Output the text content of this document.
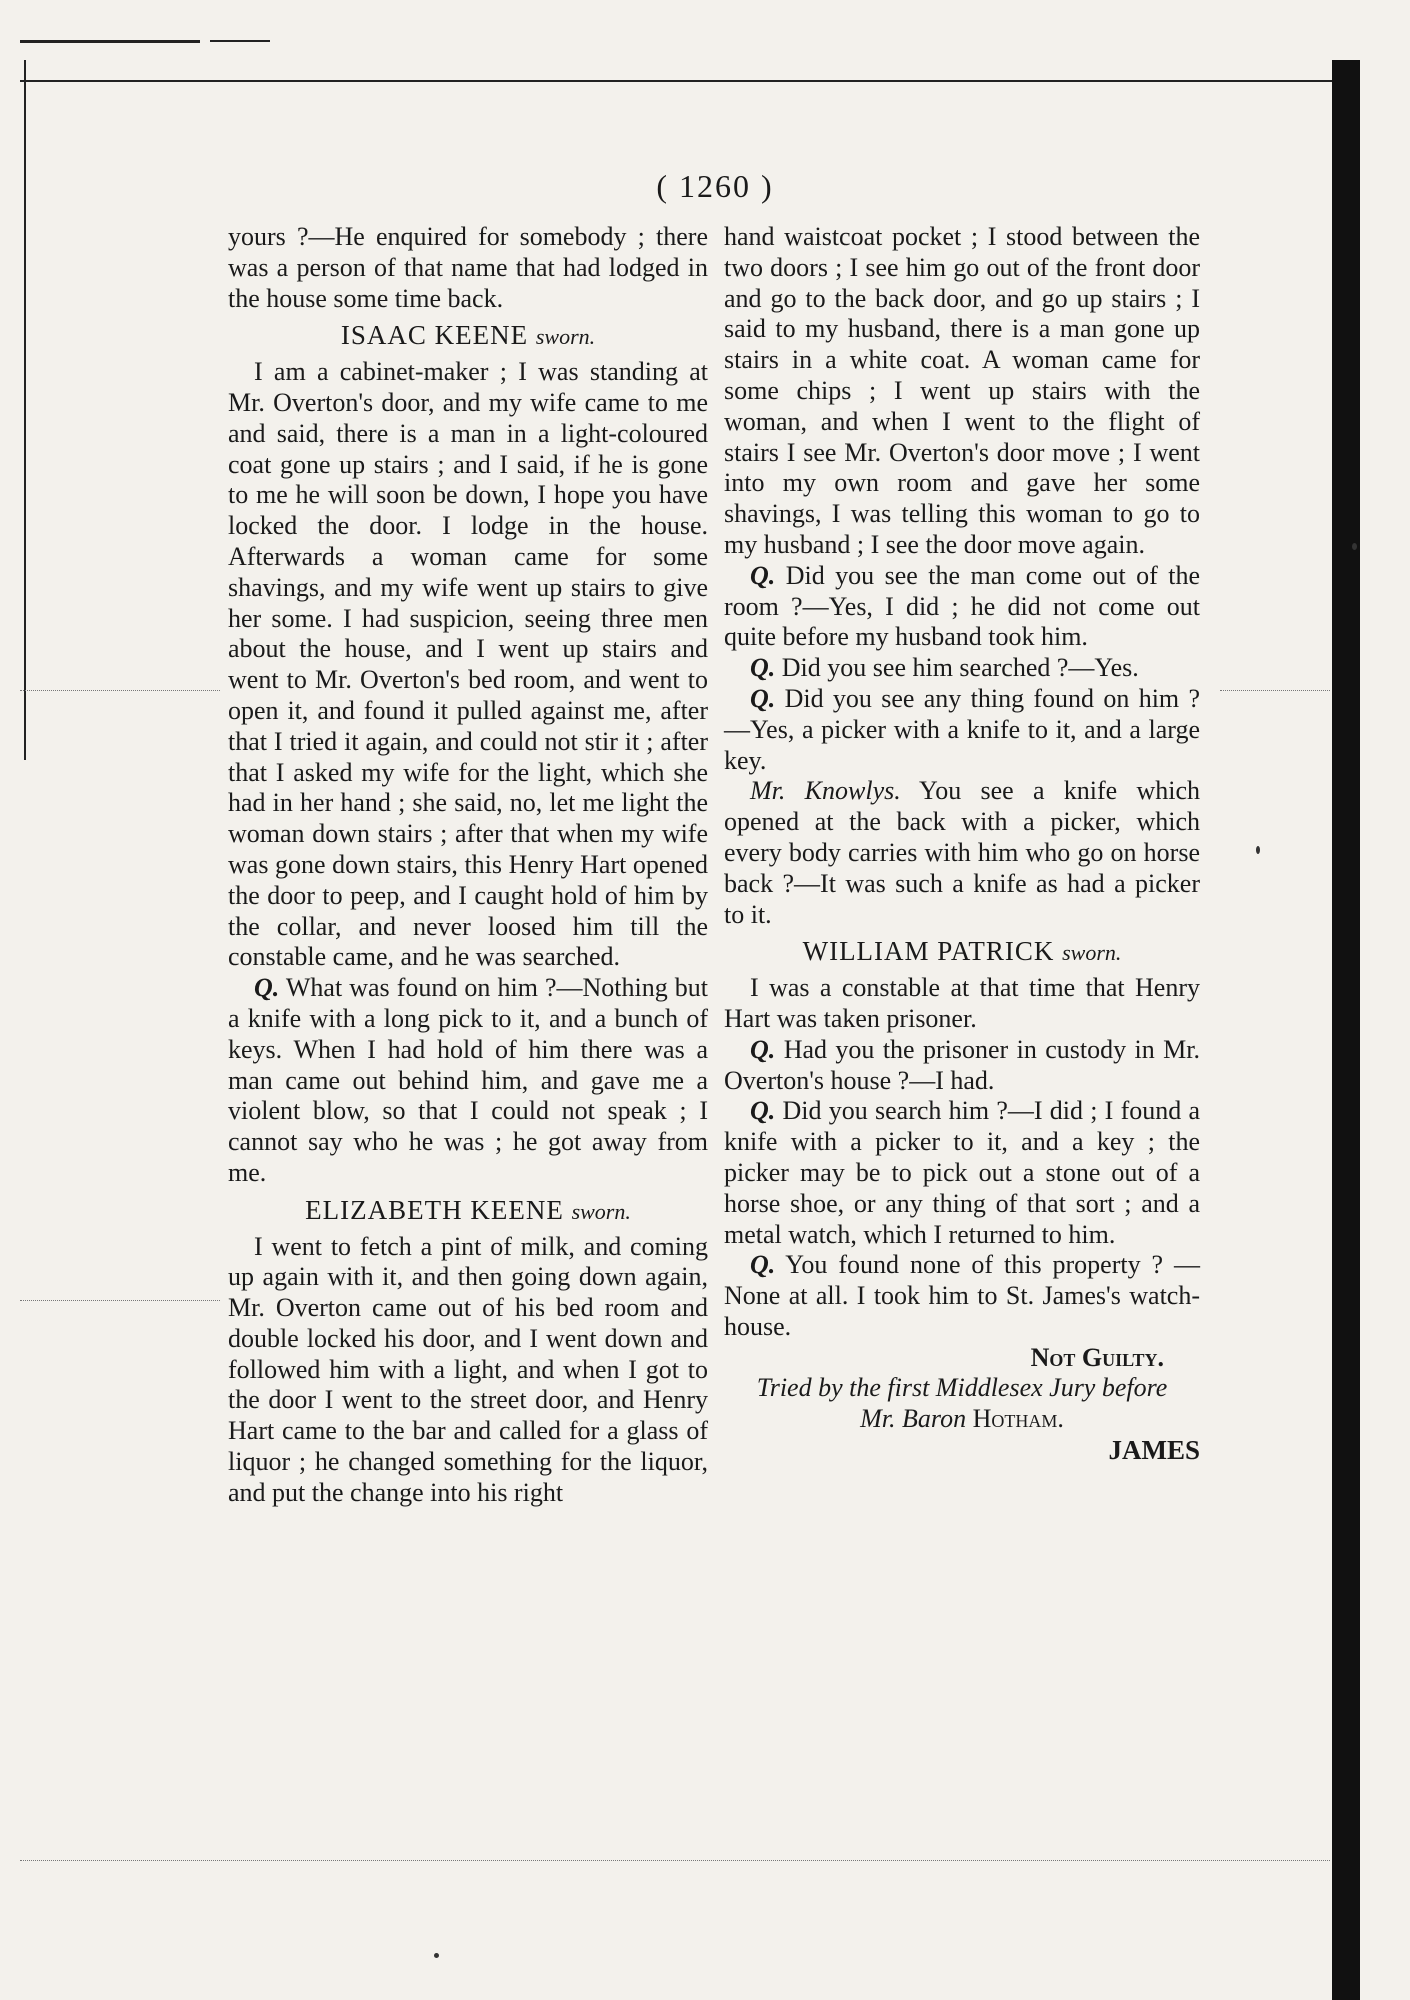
( 1260 )

yours ?—He enquired for somebody ; there was a person of that name that had lodged in the house some time back.

ISAAC KEENE sworn.

I am a cabinet-maker ; I was standing at Mr. Overton's door, and my wife came to me and said, there is a man in a light-coloured coat gone up stairs ; and I said, if he is gone to me he will soon be down, I hope you have locked the door. I lodge in the house. Afterwards a woman came for some shavings, and my wife went up stairs to give her some. I had suspicion, seeing three men about the house, and I went up stairs and went to Mr. Overton's bed room, and went to open it, and found it pulled against me, after that I tried it again, and could not stir it ; after that I asked my wife for the light, which she had in her hand ; she said, no, let me light the woman down stairs ; after that when my wife was gone down stairs, this Henry Hart opened the door to peep, and I caught hold of him by the collar, and never loosed him till the constable came, and he was searched.

Q. What was found on him ?—Nothing but a knife with a long pick to it, and a bunch of keys. When I had hold of him there was a man came out behind him, and gave me a violent blow, so that I could not speak ; I cannot say who he was ; he got away from me.

ELIZABETH KEENE sworn.

I went to fetch a pint of milk, and coming up again with it, and then going down again, Mr. Overton came out of his bed room and double locked his door, and I went down and followed him with a light, and when I got to the door I went to the street door, and Henry Hart came to the bar and called for a glass of liquor ; he changed something for the liquor, and put the change into his right

hand waistcoat pocket ; I stood between the two doors ; I see him go out of the front door and go to the back door, and go up stairs ; I said to my husband, there is a man gone up stairs in a white coat. A woman came for some chips ; I went up stairs with the woman, and when I went to the flight of stairs I see Mr. Overton's door move ; I went into my own room and gave her some shavings, I was telling this woman to go to my husband ; I see the door move again.

Q. Did you see the man come out of the room ?—Yes, I did ; he did not come out quite before my husband took him.

Q. Did you see him searched ?—Yes.

Q. Did you see any thing found on him ?—Yes, a picker with a knife to it, and a large key.

Mr. Knowlys. You see a knife which opened at the back with a picker, which every body carries with him who go on horse back ?—It was such a knife as had a picker to it.

WILLIAM PATRICK sworn.

I was a constable at that time that Henry Hart was taken prisoner.

Q. Had you the prisoner in custody in Mr. Overton's house ?—I had.

Q. Did you search him ?—I did ; I found a knife with a picker to it, and a key ; the picker may be to pick out a stone out of a horse shoe, or any thing of that sort ; and a metal watch, which I returned to him.

Q. You found none of this property ? —None at all. I took him to St. James's watch-house.

Not Guilty.

Tried by the first Middlesex Jury before

Mr. Baron Hotham.

JAMES
